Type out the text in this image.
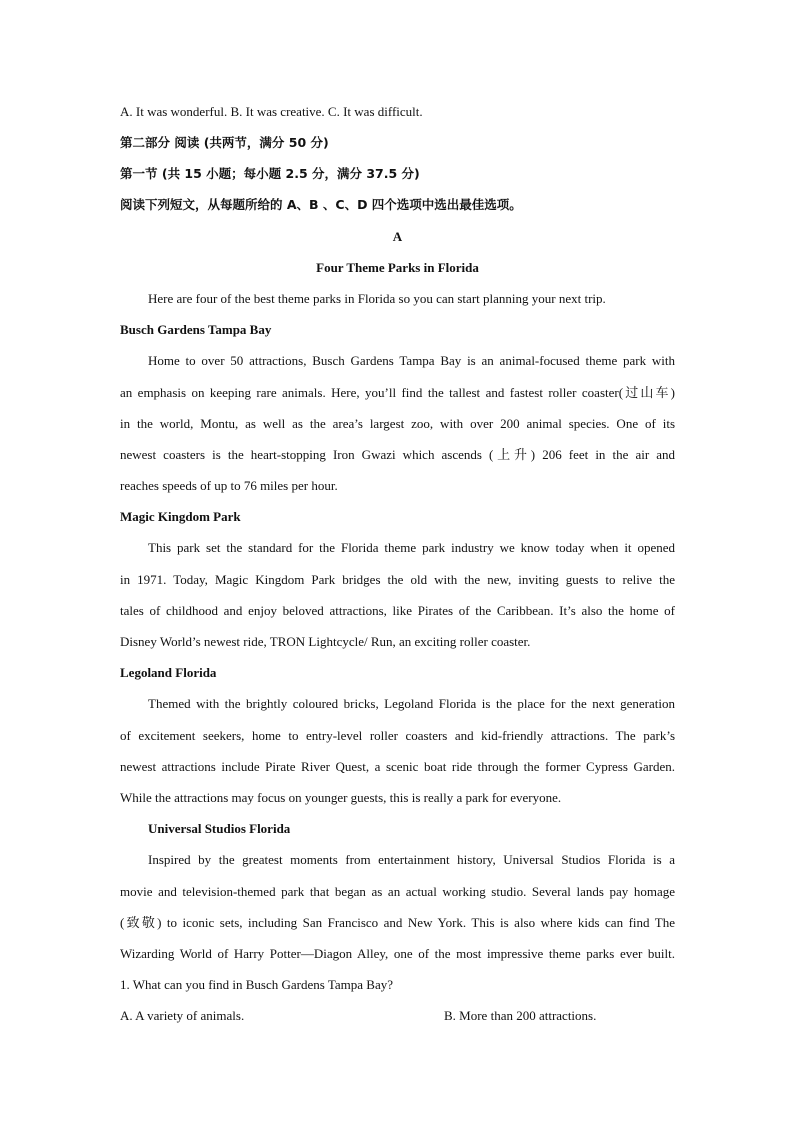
A. It was wonderful. B. It was creative. C. It was difficult.
第二部分 阅读 (共两节，满分 50 分)
第一节 (共 15 小题；每小题 2.5 分，满分 37.5 分)
阅读下列短文，从每题所给的 A、B 、C、D 四个选项中选出最佳选项。
A
Four Theme Parks in Florida
Here are four of the best theme parks in Florida so you can start planning your next trip.
Busch Gardens Tampa Bay
Home to over 50 attractions, Busch Gardens Tampa Bay is an animal-focused theme park with
an emphasis on keeping rare animals. Here, you’ll find the tallest and fastest roller coaster(过山车)
in the world, Montu, as well as the area’s largest zoo, with over 200 animal species. One of its
newest coasters is the heart-stopping Iron Gwazi which ascends (上升) 206 feet in the air and
reaches speeds of up to 76 miles per hour.
Magic Kingdom Park
This park set the standard for the Florida theme park industry we know today when it opened
in 1971. Today, Magic Kingdom Park bridges the old with the new, inviting guests to relive the
tales of childhood and enjoy beloved attractions, like Pirates of the Caribbean. It’s also the home of
Disney World’s newest ride, TRON Lightcycle/ Run, an exciting roller coaster.
Legoland Florida
Themed with the brightly coloured bricks, Legoland Florida is the place for the next generation
of excitement seekers, home to entry-level roller coasters and kid-friendly attractions. The park’s
newest attractions include Pirate River Quest, a scenic boat ride through the former Cypress Garden.
While the attractions may focus on younger guests, this is really a park for everyone.
Universal Studios Florida
Inspired by the greatest moments from entertainment history, Universal Studios Florida is a
movie and television-themed park that began as an actual working studio. Several lands pay homage
(致敬) to iconic sets, including San Francisco and New York. This is also where kids can find The
Wizarding World of Harry Potter—Diagon Alley, one of the most impressive theme parks ever built.
1. What can you find in Busch Gardens Tampa Bay?
A. A variety of animals.	B. More than 200 attractions.
